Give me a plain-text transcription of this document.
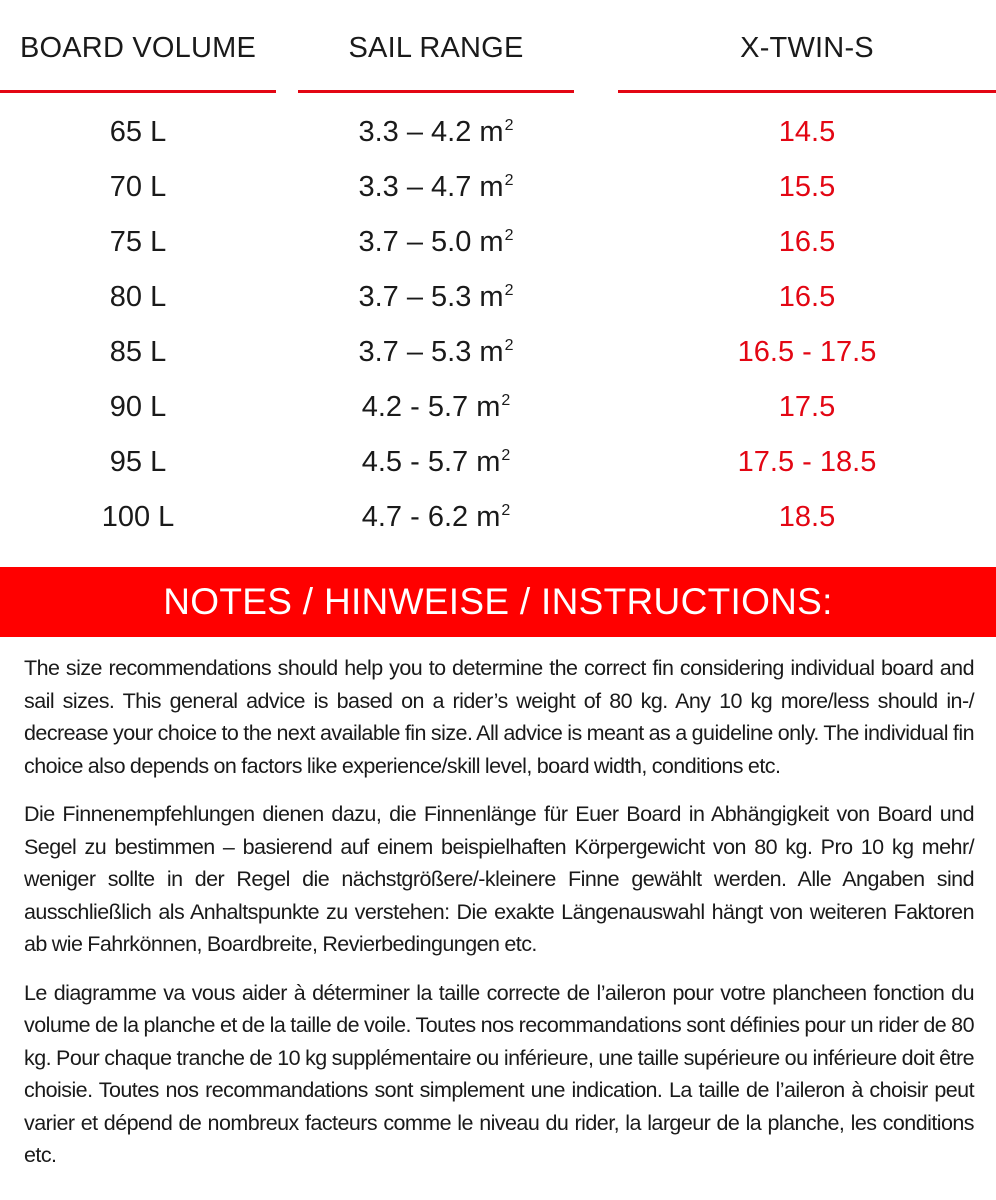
BOARD VOLUME	SAIL RANGE	X-TWIN-S
65 L	3.3 – 4.2 $m^2$	14.5
70 L	3.3 – 4.7 $m^2$	15.5
75 L	3.7 – 5.0 $m^2$	16.5
80 L	3.7 – 5.3 $m^2$	16.5
85 L	3.7 – 5.3 $m^2$	16.5 - 17.5
90 L	4.2 - 5.7 $m^2$	17.5
95 L	4.5 - 5.7 $m^2$	17.5 - 18.5
100 L	4.7 - 6.2 $m^2$	18.5
NOTES / HINWEISE / INSTRUCTIONS:

The size recommendations should help you to determine the correct fin considering individual board and sail sizes. This general advice is based on a rider’s weight of 80 kg. Any 10 kg more/less should in-/ decrease your choice to the next available fin size. All advice is meant as a guideline only. The individual fin choice also depends on factors like experience/skill level, board width, conditions etc.

Die Finnenempfehlungen dienen dazu, die Finnenlänge für Euer Board in Abhängigkeit von Board und Segel zu bestimmen – basierend auf einem beispielhaften Körpergewicht von 80 kg. Pro 10 kg mehr/ weniger sollte in der Regel die nächstgrößere/-kleinere Finne gewählt werden. Alle Angaben sind ausschließlich als Anhaltspunkte zu verstehen: Die exakte Längenauswahl hängt von weiteren Faktoren ab wie Fahrkönnen, Boardbreite, Revierbedingungen etc.

Le diagramme va vous aider à déterminer la taille correcte de l’aileron pour votre plancheen fonction du volume de la planche et de la taille de voile. Toutes nos recommandations sont définies pour un rider de 80 kg. Pour chaque tranche de 10 kg supplémentaire ou inférieure, une taille supérieure ou inférieure doit être choisie. Toutes nos recommandations sont simplement une indication. La taille de l’aileron à choisir peut varier et dépend de nombreux facteurs comme le niveau du rider, la largeur de la planche, les conditions etc.
